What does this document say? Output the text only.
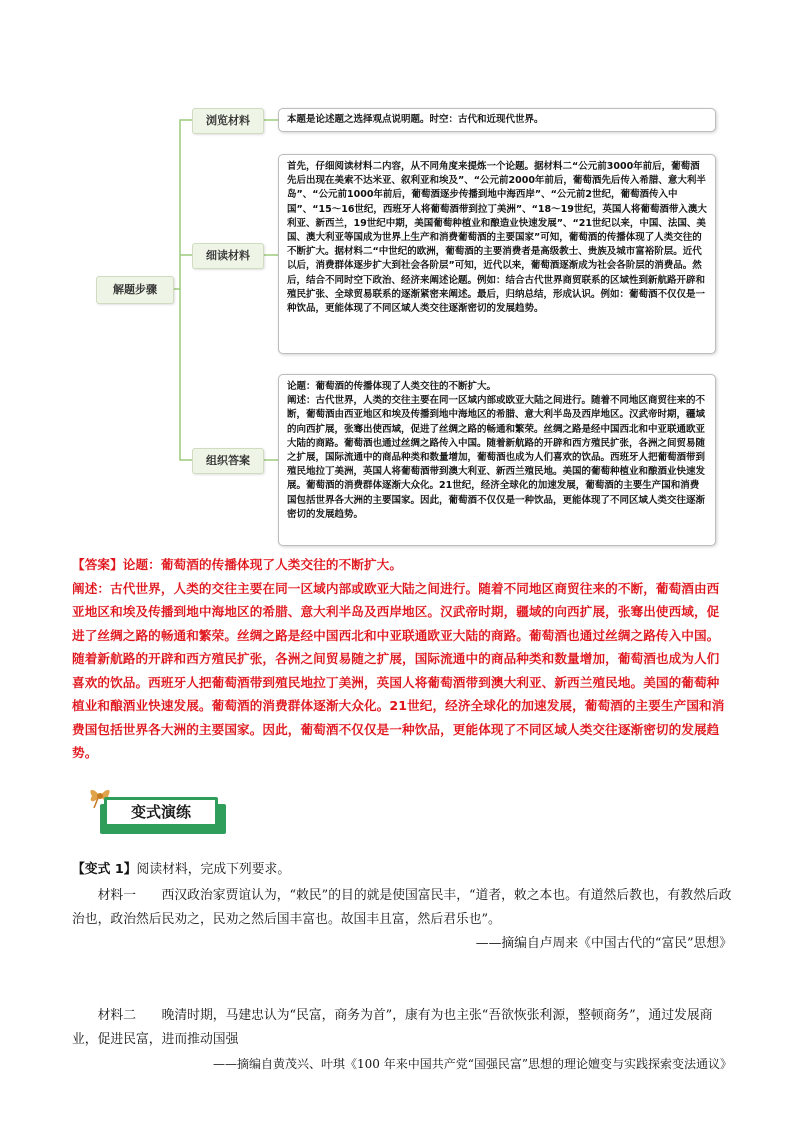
解题步骤
浏览材料
细读材料
组织答案

本题是论述题之选择观点说明题。时空：古代和近现代世界。

首先，仔细阅读材料二内容，从不同角度来提炼一个论题。据材料二“公元前3000年前后，葡萄酒先后出现在美索不达米亚、叙利亚和埃及”、“公元前2000年前后，葡萄酒先后传入希腊、意大利半岛”、“公元前1000年前后，葡萄酒逐步传播到地中海西岸”、“公元前2世纪，葡萄酒传入中国”、“15～16世纪，西班牙人将葡萄酒带到拉丁美洲”、“18～19世纪，英国人将葡萄酒带入澳大利亚、新西兰，19世纪中期，美国葡萄种植业和酿造业快速发展”、“21世纪以来，中国、法国、美国、澳大利亚等国成为世界上生产和消费葡萄酒的主要国家”可知，葡萄酒的传播体现了人类交往的不断扩大。据材料二“中世纪的欧洲，葡萄酒的主要消费者是高级教士、贵族及城市富裕阶层。近代以后，消费群体逐步扩大到社会各阶层”可知，近代以来，葡萄酒逐渐成为社会各阶层的消费品。然后，结合不同时空下政治、经济来阐述论题。例如：结合古代世界商贸联系的区域性到新航路开辟和殖民扩张、全球贸易联系的逐渐紧密来阐述。最后，归纳总结，形成认识。例如：葡萄酒不仅仅是一种饮品，更能体现了不同区域人类交往逐渐密切的发展趋势。

论题：葡萄酒的传播体现了人类交往的不断扩大。

阐述：古代世界，人类的交往主要在同一区域内部或欧亚大陆之间进行。随着不同地区商贸往来的不断，葡萄酒由西亚地区和埃及传播到地中海地区的希腊、意大利半岛及西岸地区。汉武帝时期，疆域的向西扩展，张骞出使西域，促进了丝绸之路的畅通和繁荣。丝绸之路是经中国西北和中亚联通欧亚大陆的商路。葡萄酒也通过丝绸之路传入中国。随着新航路的开辟和西方殖民扩张，各洲之间贸易随之扩展，国际流通中的商品种类和数量增加，葡萄酒也成为人们喜欢的饮品。西班牙人把葡萄酒带到殖民地拉丁美洲，英国人将葡萄酒带到澳大利亚、新西兰殖民地。美国的葡萄种植业和酿酒业快速发展。葡萄酒的消费群体逐渐大众化。21世纪，经济全球化的加速发展，葡萄酒的主要生产国和消费国包括世界各大洲的主要国家。因此，葡萄酒不仅仅是一种饮品，更能体现了不同区域人类交往逐渐密切的发展趋势。

【答案】论题：葡萄酒的传播体现了人类交往的不断扩大。

阐述：古代世界，人类的交往主要在同一区域内部或欧亚大陆之间进行。随着不同地区商贸往来的不断，葡萄酒由西亚地区和埃及传播到地中海地区的希腊、意大利半岛及西岸地区。汉武帝时期，疆域的向西扩展，张骞出使西域，促进了丝绸之路的畅通和繁荣。丝绸之路是经中国西北和中亚联通欧亚大陆的商路。葡萄酒也通过丝绸之路传入中国。随着新航路的开辟和西方殖民扩张，各洲之间贸易随之扩展，国际流通中的商品种类和数量增加，葡萄酒也成为人们喜欢的饮品。西班牙人把葡萄酒带到殖民地拉丁美洲，英国人将葡萄酒带到澳大利亚、新西兰殖民地。美国的葡萄种植业和酿酒业快速发展。葡萄酒的消费群体逐渐大众化。21世纪，经济全球化的加速发展，葡萄酒的主要生产国和消费国包括世界各大洲的主要国家。因此，葡萄酒不仅仅是一种饮品，更能体现了不同区域人类交往逐渐密切的发展趋势。

变式演练

【变式 1】阅读材料，完成下列要求。

材料一　　 西汉政治家贾谊认为，“敕民”的目的就是使国富民丰，“道者，敕之本也。有道然后教也，有教然后政治也，政治然后民劝之，民劝之然后国丰富也。故国丰且富，然后君乐也”。

——摘编自卢周来《中国古代的“富民”思想》

材料二　　 晚清时期，马建忠认为“民富，商务为首”，康有为也主张“吾欲恢张利源，整顿商务”，通过发展商业，促进民富，进而推动国强

——摘编自黄茂兴、叶琪《100 年来中国共产党“国强民富”思想的理论嬗变与实践探索变法通议》
